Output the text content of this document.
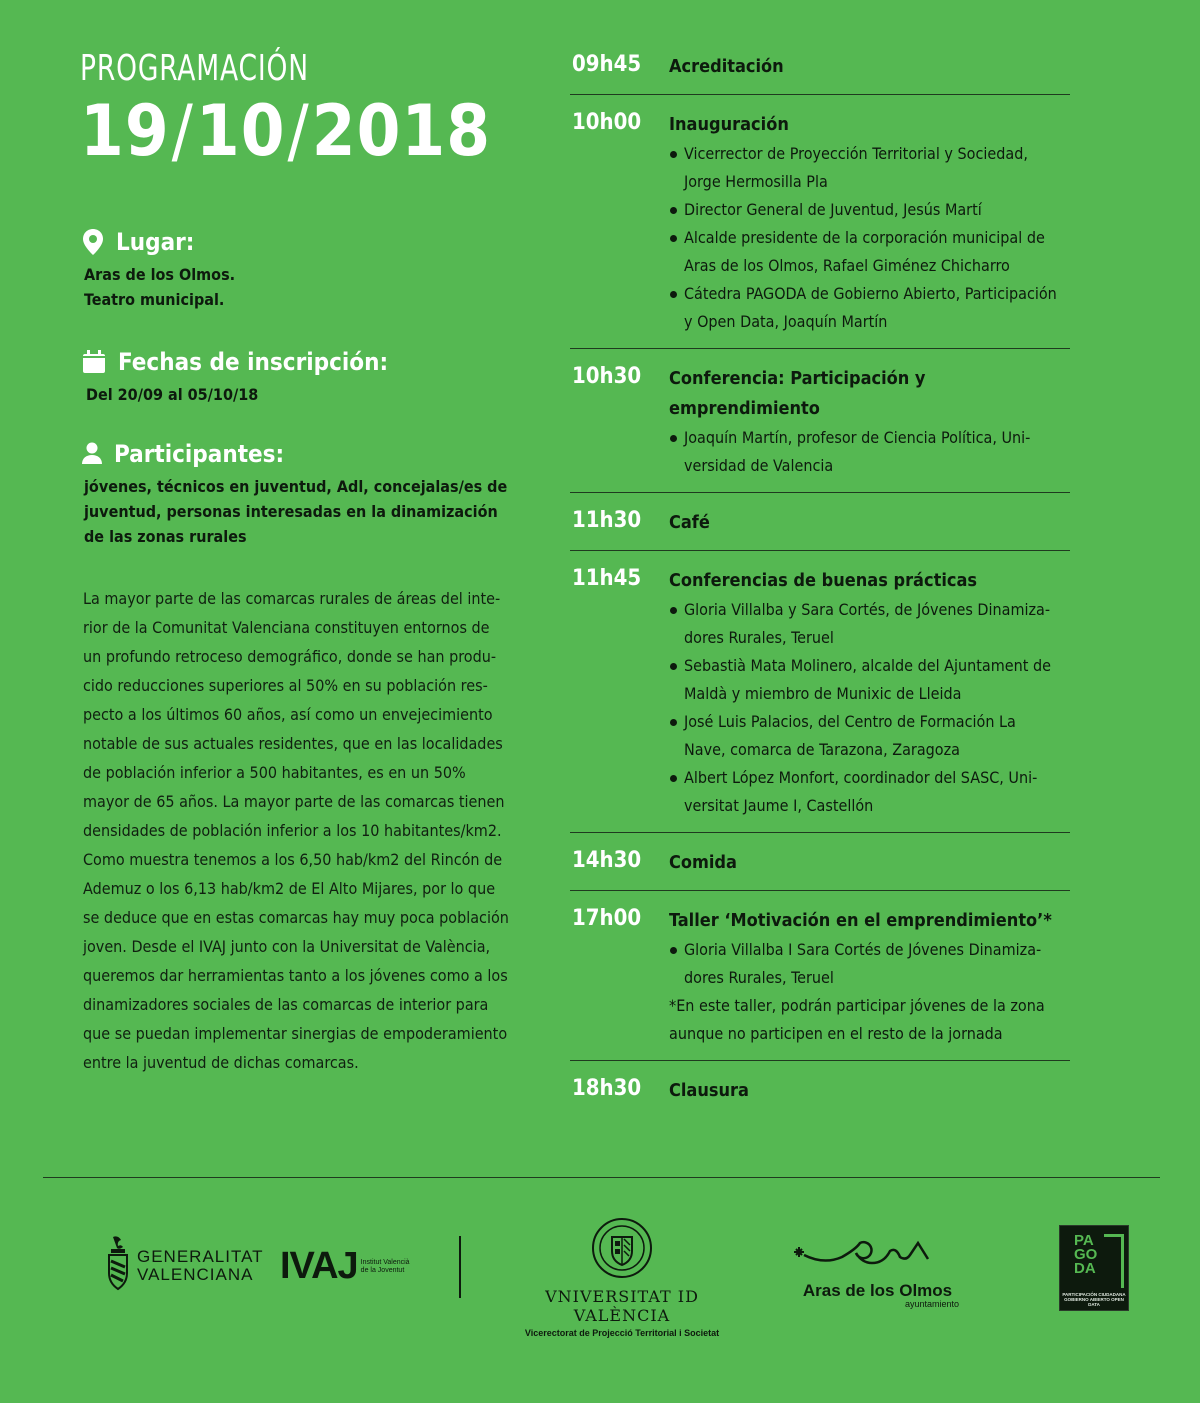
PROGRAMACIÓN
19/10/2018
Lugar:

Aras de los Olmos.
Teatro municipal.

Fechas de inscripción:

Del 20/09 al 05/10/18

Participantes:

jóvenes, técnicos en juventud, Adl, concejalas/es de
juventud, personas interesadas en la dinamización
de las zonas rurales

La mayor parte de las comarcas rurales de áreas del inte-
rior de la Comunitat Valenciana constituyen entornos de
un profundo retroceso demográfico, donde se han produ-
cido reducciones superiores al 50% en su población res-
pecto a los últimos 60 años, así como un envejecimiento
notable de sus actuales residentes, que en las localidades
de población inferior a 500 habitantes, es en un 50%
mayor de 65 años. La mayor parte de las comarcas tienen
densidades de población inferior a los 10 habitantes/km2.
Como muestra tenemos a los 6,50 hab/km2 del Rincón de
Ademuz o los 6,13 hab/km2 de El Alto Mijares, por lo que
se deduce que en estas comarcas hay muy poca población
joven. Desde el IVAJ junto con la Universitat de València,
queremos dar herramientas tanto a los jóvenes como a los
dinamizadores sociales de las comarcas de interior para
que se puedan implementar sinergias de empoderamiento
entre la juventud de dichas comarcas.

09h45	Acreditación

10h00	Inauguración

Vicerrector de Proyección Territorial y Sociedad,
Jorge Hermosilla Pla
Director General de Juventud, Jesús Martí
Alcalde presidente de la corporación municipal de
Aras de los Olmos, Rafael Giménez Chicharro
Cátedra PAGODA de Gobierno Abierto, Participación
y Open Data, Joaquín Martín
10h30	Conferencia: Participación y emprendimiento

Joaquín Martín, profesor de Ciencia Política, Uni-
versidad de Valencia
11h30	Café

11h45	Conferencias de buenas prácticas

Gloria Villalba y Sara Cortés, de Jóvenes Dinamiza-
dores Rurales, Teruel
Sebastià Mata Molinero, alcalde del Ajuntament de
Maldà y miembro de Munixic de Lleida
José Luis Palacios, del Centro de Formación La
Nave, comarca de Tarazona, Zaragoza
Albert López Monfort, coordinador del SASC, Uni-
versitat Jaume I, Castellón
14h30	Comida

17h00	Taller ‘Motivación en el emprendimiento’*

Gloria Villalba I Sara Cortés de Jóvenes Dinamiza-
dores Rurales, Teruel

*En este taller, podrán participar jóvenes de la zona
aunque no participen en el resto de la jornada

18h30	Clausura

GENERALITAT
VALENCIANA IVAJ Institut Valencià
de la Joventut
VNIVERSITAT ID VALÈNCIA
Vicerectorat de Projecció Territorial i Societat
Aras de los Olmos
ayuntamiento
PAGODA
PARTICIPACIÓN CIUDADANA GOBIERNO ABIERTO OPEN DATA
